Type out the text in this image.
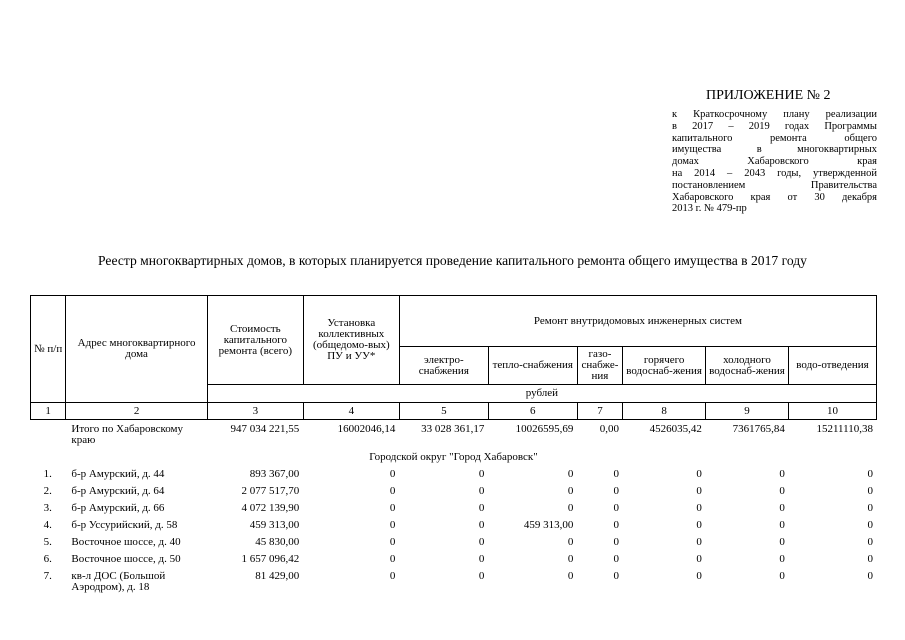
ПРИЛОЖЕНИЕ № 2
к Краткосрочному плану реализации
в 2017 – 2019 годах Программы
капитального ремонта общего
имущества в многоквартирных
домах Хабаровского края
на 2014 – 2043 годы, утвержденной
постановлением Правительства
Хабаровского края от 30 декабря
2013 г. № 479-пр
Реестр многоквартирных домов, в которых планируется проведение капитального ремонта общего имущества в 2017 году
№ п/п	Адрес многоквартирного дома	Стоимость капитального ремонта (всего)	Установка коллективных (общедомо-вых) ПУ и УУ*	Ремонт внутридомовых инженерных систем					
				электро-снабжения	тепло-снабжения	газо-снабже-ния	горячего водоснаб-жения	холодного водоснаб-жения	водо-отведения
		рублей							
1	2	3	4	5	6	7	8	9	10
	Итого по Хабаровскому краю	947 034 221,55	16002046,14	33 028 361,17	10026595,69	0,00	4526035,42	7361765,84	15211110,38
Городской округ "Город Хабаровск"									
1.	б-р Амурский, д. 44	893 367,00	0	0	0	0	0	0	0
2.	б-р Амурский, д. 64	2 077 517,70	0	0	0	0	0	0	0
3.	б-р Амурский, д. 66	4 072 139,90	0	0	0	0	0	0	0
4.	б-р Уссурийский, д. 58	459 313,00	0	0	459 313,00	0	0	0	0
5.	Восточное шоссе, д. 40	45 830,00	0	0	0	0	0	0	0
6.	Восточное шоссе, д. 50	1 657 096,42	0	0	0	0	0	0	0
7.	кв-л ДОС (Большой Аэродром), д. 18	81 429,00	0	0	0	0	0	0	0
